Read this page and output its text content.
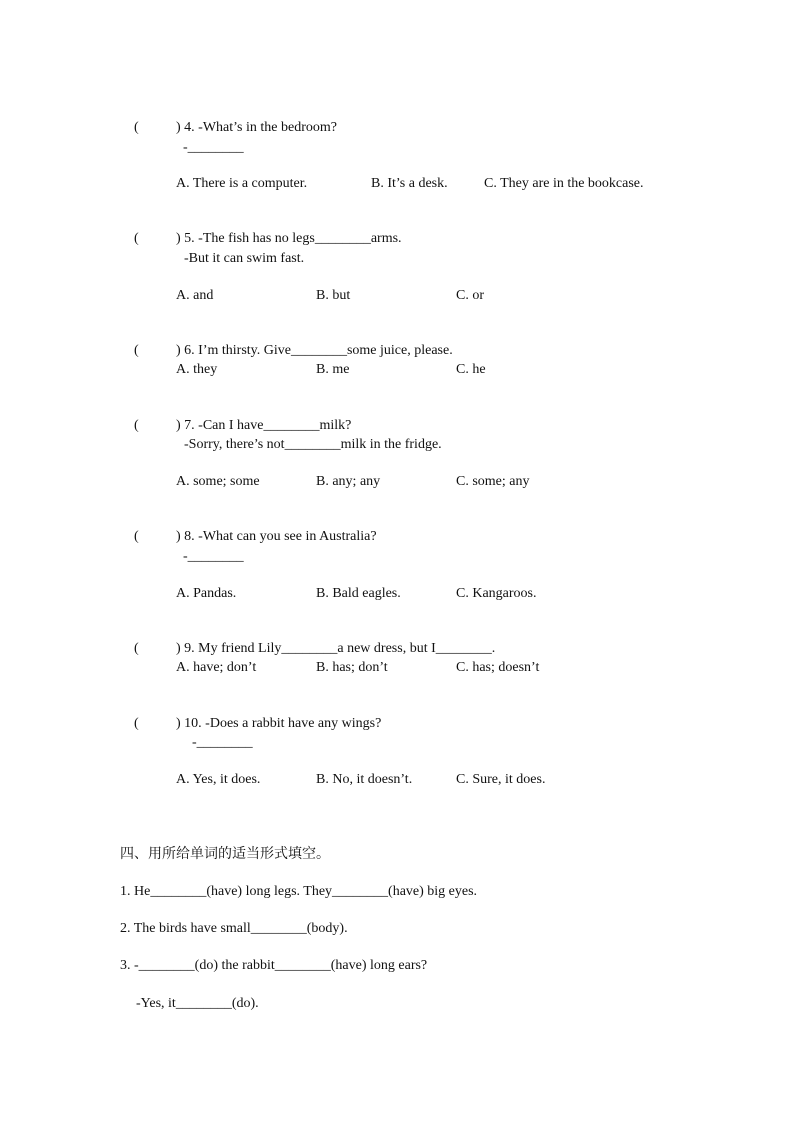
(	) 4. -What’s in the bedroom?

-________
A. There is a computer.	B. It’s a desk.	C. They are in the bookcase.

(	) 5. -The fish has no legs________arms.

-But it can swim fast.
A. and	B. but	C. or

(	) 6. I’m thirsty. Give________some juice, please.

A. they	B. me	C. he

(	) 7. -Can I have________milk?

-Sorry, there’s not________milk in the fridge.
A. some; some	B. any; any	C. some; any

(	) 8. -What can you see in Australia?

-________
A. Pandas.	B. Bald eagles.	C. Kangaroos.

(	) 9. My friend Lily________a new dress, but I________.

A. have; don’t	B. has; don’t	C. has; doesn’t

(	) 10. -Does a rabbit have any wings?

-________
A. Yes, it does.	B. No, it doesn’t.	C. Sure, it does.
四、用所给单词的适当形式填空。
1. He________(have) long legs. They________(have) big eyes.
2. The birds have small________(body).
3. -________(do) the rabbit________(have) long ears?
-Yes, it________(do).
